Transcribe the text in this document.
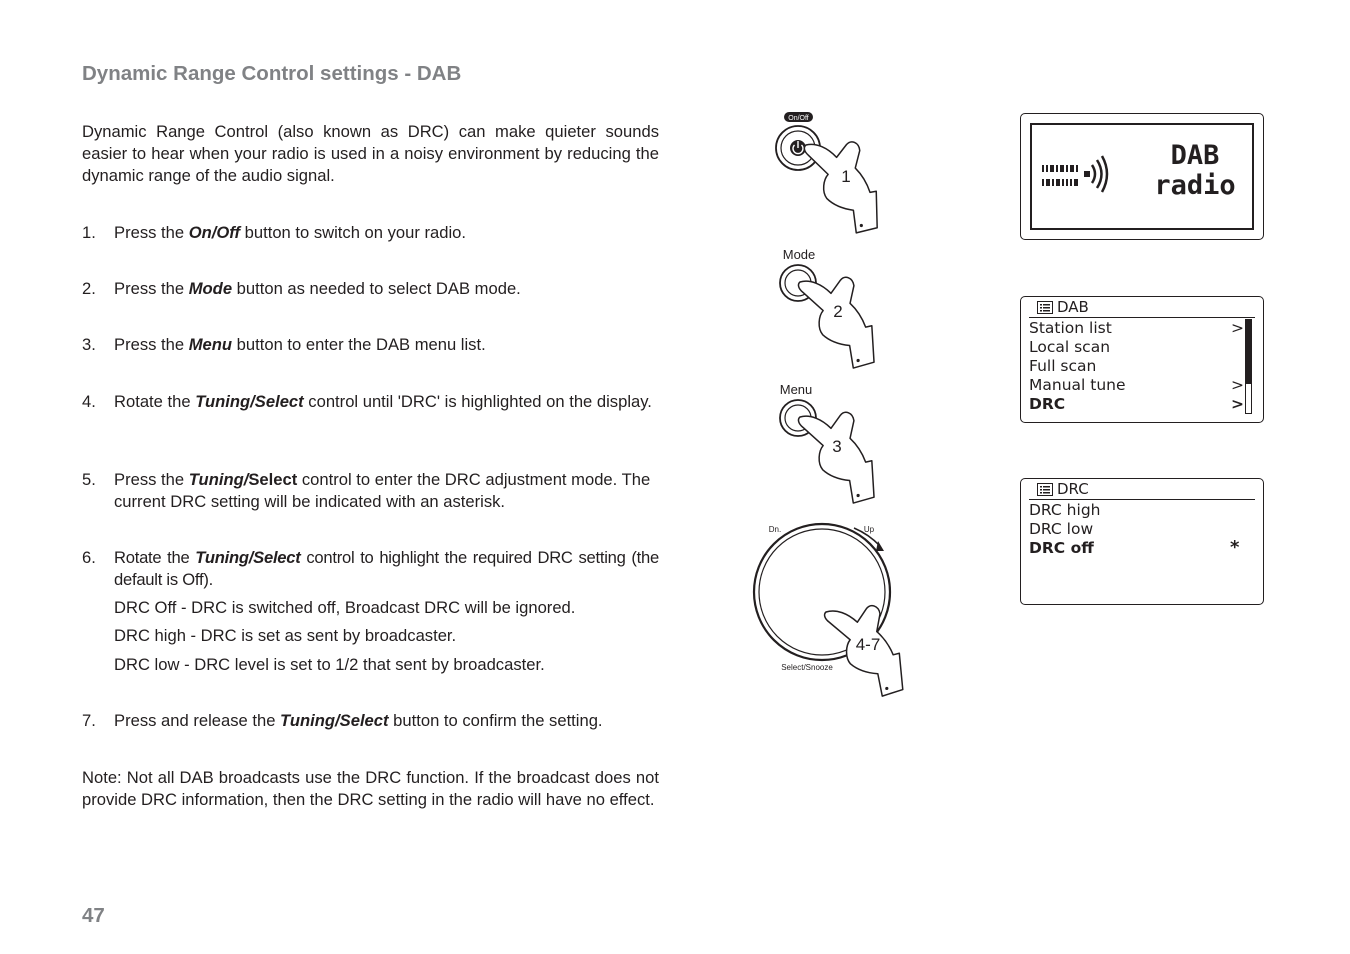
Dynamic Range Control settings - DAB

Dynamic Range Control (also known as DRC) can make quieter sounds easier to hear when your radio is used in a noisy environment by reducing the dynamic range of the audio signal.

1. Press the On/Off button to switch on your radio.
2. Press the Mode button as needed to select DAB mode.
3. Press the Menu button to enter the DAB menu list.
4. Rotate the Tuning/Select control until 'DRC' is highlighted on the display.
5. Press the Tuning/Select control to enter the DRC adjustment mode. The current DRC setting will be indicated with an asterisk.
6. Rotate the Tuning/Select control to highlight the required DRC setting (the default is Off).
DRC Off - DRC is switched off, Broadcast DRC will be ignored.
DRC high - DRC is set as sent by broadcaster.
DRC low - DRC level is set to 1/2 that sent by broadcaster.
7. Press and release the Tuning/Select button to confirm the setting.

Note: Not all DAB broadcasts use the DRC function. If the broadcast does not provide DRC information, then the DRC setting in the radio will have no effect.

47
On/Off
1
Mode
2
Menu
3
Dn.	Up
Select/Snooze
4-7
DAB
radio
DAB
Station list	>
Local scan
Full scan
Manual tune	>
DRC	>
DRC
DRC high
DRC low
DRC off	*
